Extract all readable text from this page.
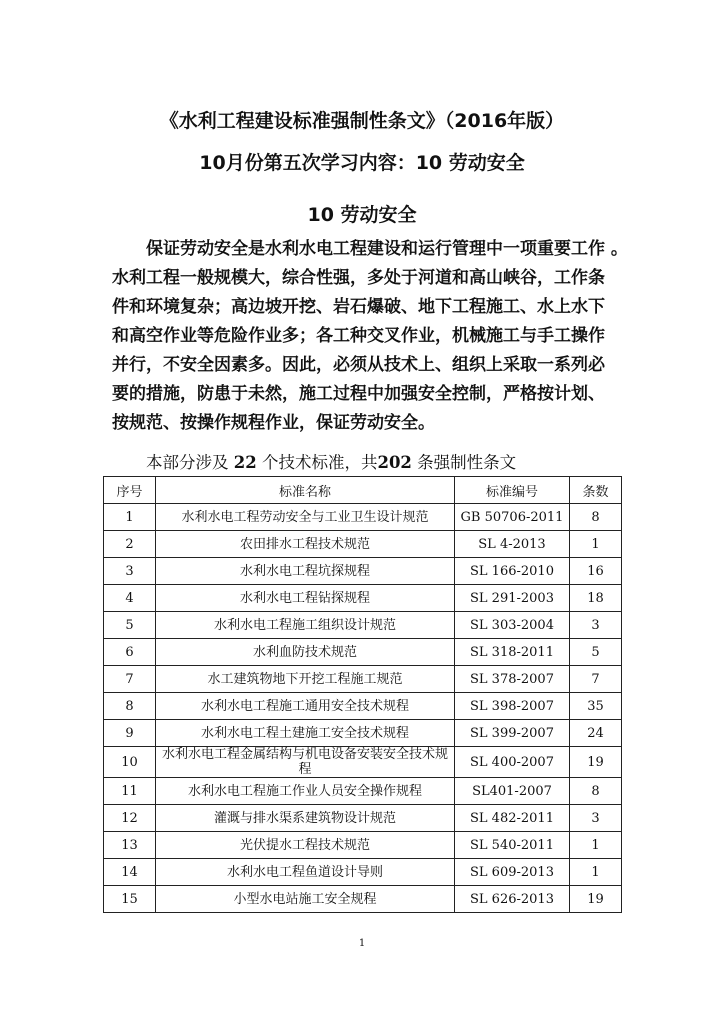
《水利工程建设标准强制性条文》（2016年版）
10月份第五次学习内容：10 劳动安全
10 劳动安全
保证劳动安全是水利水电工程建设和运行管理中一项重要工作 。
水利工程一般规模大，综合性强，多处于河道和高山峡谷，工作条
件和环境复杂；高边坡开挖、岩石爆破、地下工程施工、水上水下
和高空作业等危险作业多；各工种交叉作业，机械施工与手工操作
并行，不安全因素多。因此，必须从技术上、组织上采取一系列必
要的措施，防患于未然，施工过程中加强安全控制，严格按计划、
按规范、按操作规程作业，保证劳动安全。
本部分涉及 22 个技术标准，共202 条强制性条文
序号	标准名称	标准编号	条数
1	水利水电工程劳动安全与工业卫生设计规范	GB 50706-2011	8
2	农田排水工程技术规范	SL 4-2013	1
3	水利水电工程坑探规程	SL 166-2010	16
4	水利水电工程钻探规程	SL 291-2003	18
5	水利水电工程施工组织设计规范	SL 303-2004	3
6	水利血防技术规范	SL 318-2011	5
7	水工建筑物地下开挖工程施工规范	SL 378-2007	7
8	水利水电工程施工通用安全技术规程	SL 398-2007	35
9	水利水电工程土建施工安全技术规程	SL 399-2007	24
10	水利水电工程金属结构与机电设备安装安全技术规程	SL 400-2007	19
11	水利水电工程施工作业人员安全操作规程	SL401-2007	8
12	灌溉与排水渠系建筑物设计规范	SL 482-2011	3
13	光伏提水工程技术规范	SL 540-2011	1
14	水利水电工程鱼道设计导则	SL 609-2013	1
15	小型水电站施工安全规程	SL 626-2013	19
1
